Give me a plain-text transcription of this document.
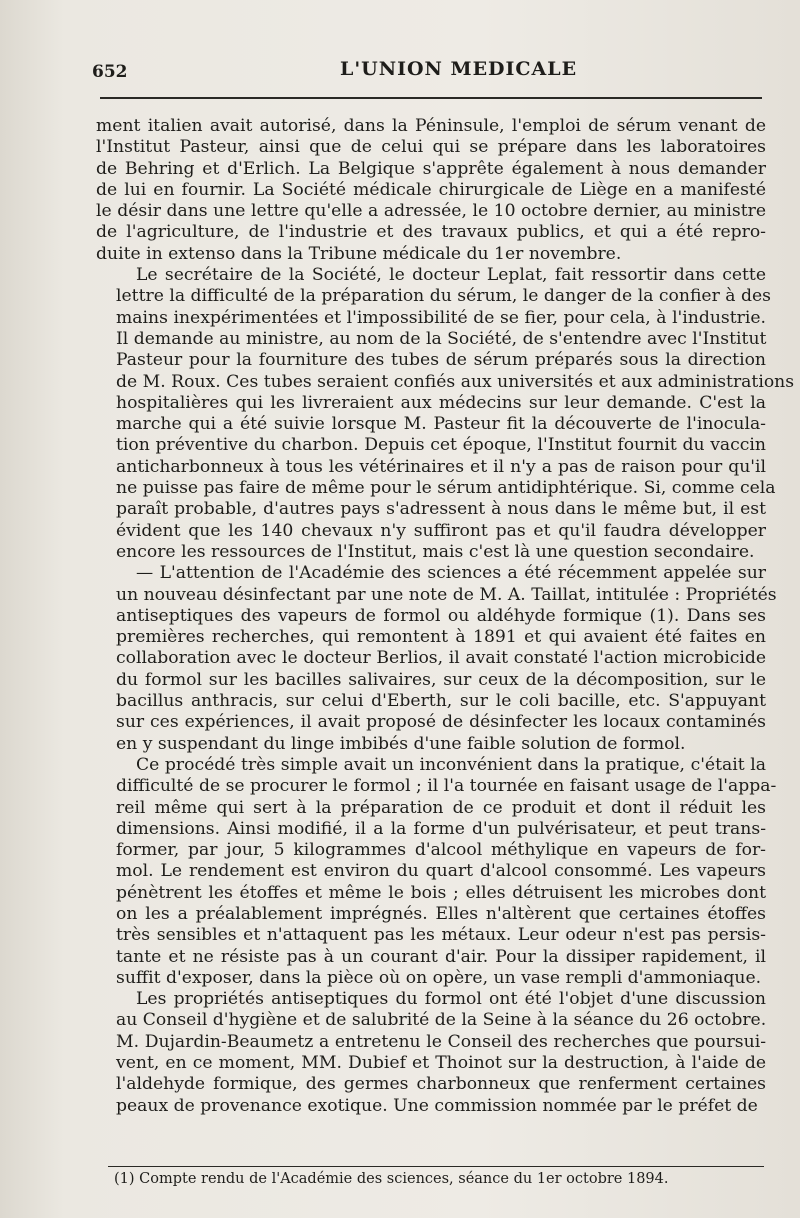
652	L'UNION MEDICALE

ment italien avait autorisé, dans la Péninsule, l'emploi de sérum venant de
l'Institut Pasteur, ainsi que de celui qui se prépare dans les laboratoires
de Behring et d'Erlich. La Belgique s'apprête également à nous demander
de lui en fournir. La Société médicale chirurgicale de Liège en a manifesté
le désir dans une lettre qu'elle a adressée, le 10 octobre dernier, au ministre
de l'agriculture, de l'industrie et des travaux publics, et qui a été repro-
duite in extenso dans la Tribune médicale du 1er novembre.

Le secrétaire de la Société, le docteur Leplat, fait ressortir dans cette
lettre la difficulté de la préparation du sérum, le danger de la confier à des
mains inexpérimentées et l'impossibilité de se fier, pour cela, à l'industrie.
Il demande au ministre, au nom de la Société, de s'entendre avec l'Institut
Pasteur pour la fourniture des tubes de sérum préparés sous la direction
de M. Roux. Ces tubes seraient confiés aux universités et aux administrations
hospitalières qui les livreraient aux médecins sur leur demande. C'est la
marche qui a été suivie lorsque M. Pasteur fit la découverte de l'inocula-
tion préventive du charbon. Depuis cet époque, l'Institut fournit du vaccin
anticharbonneux à tous les vétérinaires et il n'y a pas de raison pour qu'il
ne puisse pas faire de même pour le sérum antidiphtérique. Si, comme cela
paraît probable, d'autres pays s'adressent à nous dans le même but, il est
évident que les 140 chevaux n'y suffiront pas et qu'il faudra développer
encore les ressources de l'Institut, mais c'est là une question secondaire.

— L'attention de l'Académie des sciences a été récemment appelée sur
un nouveau désinfectant par une note de M. A. Taillat, intitulée : Propriétés
antiseptiques des vapeurs de formol ou aldéhyde formique (1). Dans ses
premières recherches, qui remontent à 1891 et qui avaient été faites en
collaboration avec le docteur Berlios, il avait constaté l'action microbicide
du formol sur les bacilles salivaires, sur ceux de la décomposition, sur le
bacillus anthracis, sur celui d'Eberth, sur le coli bacille, etc. S'appuyant
sur ces expériences, il avait proposé de désinfecter les locaux contaminés
en y suspendant du linge imbibés d'une faible solution de formol.

Ce procédé très simple avait un inconvénient dans la pratique, c'était la
difficulté de se procurer le formol ; il l'a tournée en faisant usage de l'appa-
reil même qui sert à la préparation de ce produit et dont il réduit les
dimensions. Ainsi modifié, il a la forme d'un pulvérisateur, et peut trans-
former, par jour, 5 kilogrammes d'alcool méthylique en vapeurs de for-
mol. Le rendement est environ du quart d'alcool consommé. Les vapeurs
pénètrent les étoffes et même le bois ; elles détruisent les microbes dont
on les a préalablement imprégnés. Elles n'altèrent que certaines étoffes
très sensibles et n'attaquent pas les métaux. Leur odeur n'est pas persis-
tante et ne résiste pas à un courant d'air. Pour la dissiper rapidement, il
suffit d'exposer, dans la pièce où on opère, un vase rempli d'ammoniaque.

Les propriétés antiseptiques du formol ont été l'objet d'une discussion
au Conseil d'hygiène et de salubrité de la Seine à la séance du 26 octobre.
M. Dujardin-Beaumetz a entretenu le Conseil des recherches que poursui-
vent, en ce moment, MM. Dubief et Thoinot sur la destruction, à l'aide de
l'aldehyde formique, des germes charbonneux que renferment certaines
peaux de provenance exotique. Une commission nommée par le préfet de

(1) Compte rendu de l'Académie des sciences, séance du 1er octobre 1894.
